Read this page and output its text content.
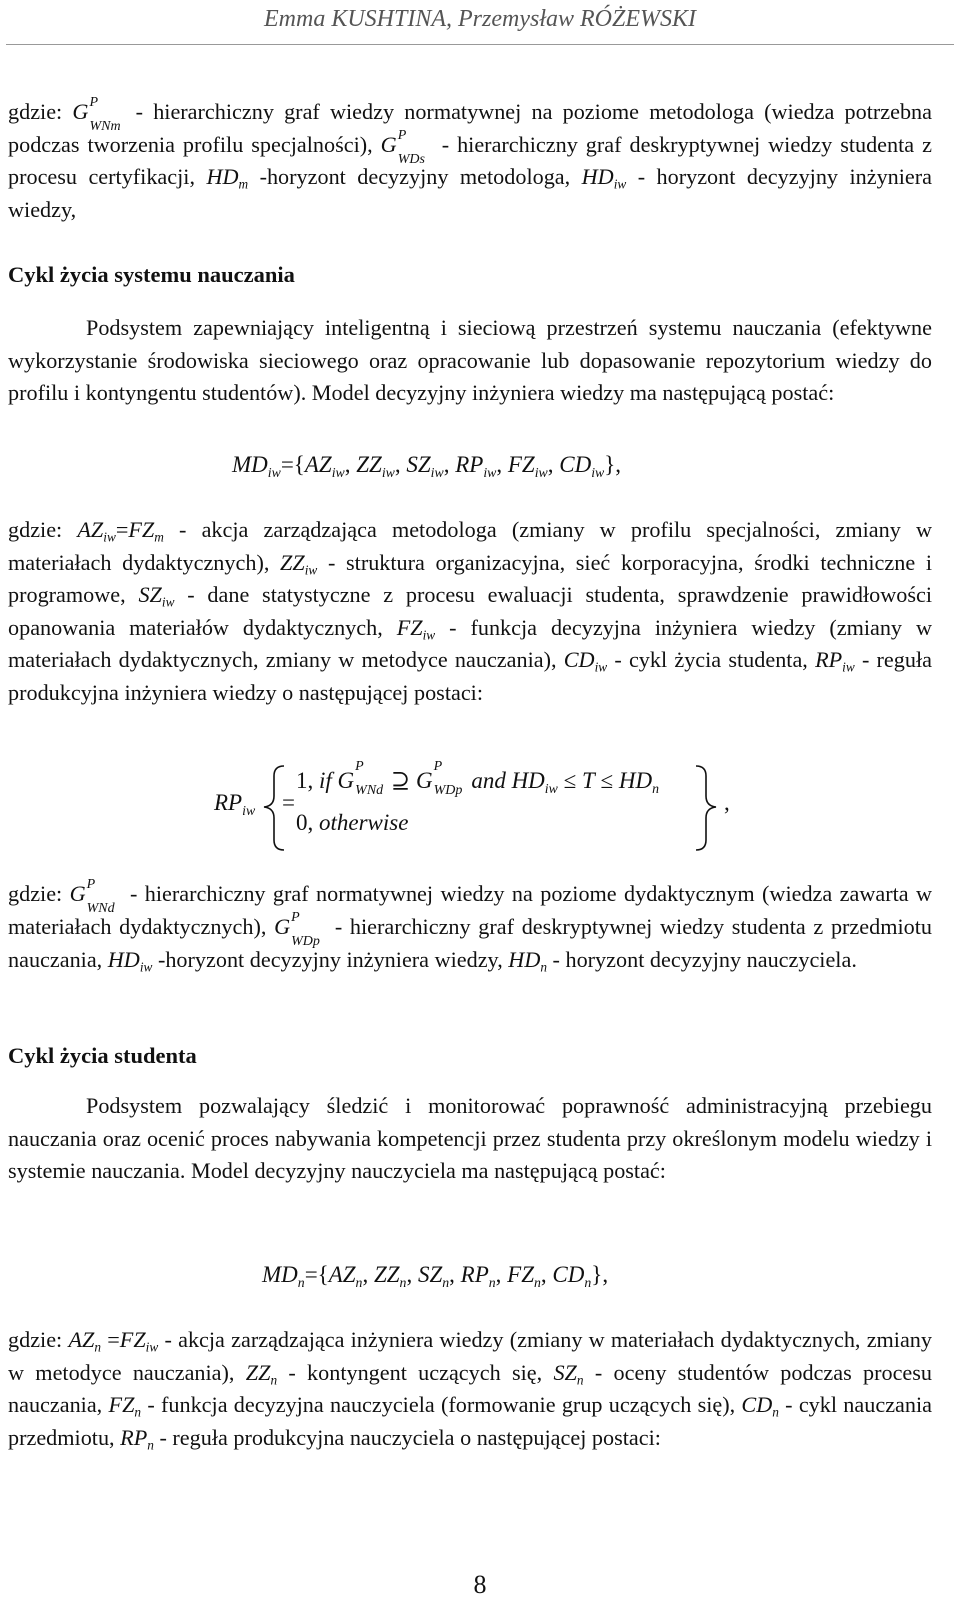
Emma KUSHTINA, Przemysław RÓŻEWSKI

gdzie: G P
WNm
- hierarchiczny graf wiedzy normatywnej na poziome metodologa (wiedza potrzebna podczas tworzenia profilu specjalności), G P
WDs
- hierarchiczny graf deskryptywnej wiedzy studenta z procesu certyfikacji, $HD_m$ -horyzont decyzyjny metodologa, $HD_{iw}$ - horyzont decyzyjny inżyniera wiedzy,

Cykl życia systemu nauczania

Podsystem zapewniający inteligentną i sieciową przestrzeń systemu nauczania (efektywne wykorzystanie środowiska sieciowego oraz opracowanie lub dopasowanie repozytorium wiedzy do profilu i kontyngentu studentów). Model decyzyjny inżyniera wiedzy ma następującą postać:

$MD_{iw}=\{AZ_{iw}$, $ZZ_{iw}$, $SZ_{iw}$, $RP_{iw}$, $FZ_{iw}$, $CD_{iw}$},

gdzie: $AZ_{iw}=FZ_m$ - akcja zarządzająca metodologa (zmiany w profilu specjalności, zmiany w materiałach dydaktycznych), $ZZ_{iw}$ - struktura organizacyjna, sieć korporacyjna, środki techniczne i programowe, $SZ_{iw}$ - dane statystyczne z procesu ewaluacji studenta, sprawdzenie prawidłowości opanowania materiałów dydaktycznych, $FZ_{iw}$ - funkcja decyzyjna inżyniera wiedzy (zmiany w materiałach dydaktycznych, zmiany w metodyce nauczania), $CD_{iw}$ - cykl życia studenta, $RP_{iw}$ - reguła produkcyjna inżyniera wiedzy o następującej postaci:

$RP_{iw}$ =
1, if G
P
WNd ⊇ G
P
WDp and $HD_{iw} \le T \le HD_n$
0, otherwise
,

gdzie: G P
WNd
- hierarchiczny graf normatywnej wiedzy na poziome dydaktycznym (wiedza zawarta w materiałach dydaktycznych), G P
WDp
- hierarchiczny graf deskryptywnej wiedzy studenta z przedmiotu nauczania, $HD_{iw}$ -horyzont decyzyjny inżyniera wiedzy, $HD_n$ - horyzont decyzyjny nauczyciela.

Cykl życia studenta

Podsystem pozwalający śledzić i monitorować poprawność administracyjną przebiegu nauczania oraz ocenić proces nabywania kompetencji przez studenta przy określonym modelu wiedzy i systemie nauczania. Model decyzyjny nauczyciela ma następującą postać:

$MD_n=\{AZ_n$, $ZZ_n$, $SZ_n$, $RP_n$, $FZ_n$, $CD_n$},

gdzie: $AZ_n =FZ_{iw}$ - akcja zarządzająca inżyniera wiedzy (zmiany w materiałach dydaktycznych, zmiany w metodyce nauczania), $ZZ_n$ - kontyngent uczących się, $SZ_n$ - oceny studentów podczas procesu nauczania, $FZ_n$ - funkcja decyzyjna nauczyciela (formowanie grup uczących się), $CD_n$ - cykl nauczania przedmiotu, $RP_n$ - reguła produkcyjna nauczyciela o następującej postaci:

8
